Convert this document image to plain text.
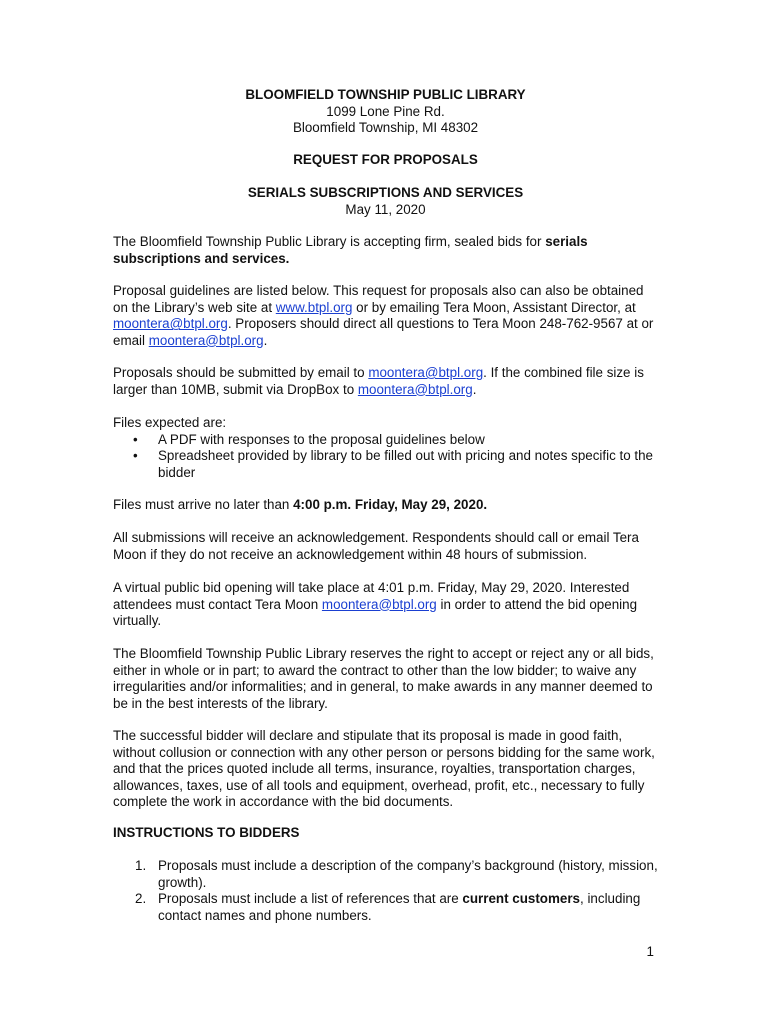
BLOOMFIELD TOWNSHIP PUBLIC LIBRARY

1099 Lone Pine Rd.

Bloomfield Township, MI 48302

REQUEST FOR PROPOSALS

SERIALS SUBSCRIPTIONS AND SERVICES

May 11, 2020

The Bloomfield Township Public Library is accepting firm, sealed bids for serials subscriptions and services.

Proposal guidelines are listed below. This request for proposals also can also be obtained on the Library’s web site at www.btpl.org or by emailing Tera Moon, Assistant Director, at moontera@btpl.org. Proposers should direct all questions to Tera Moon 248-762-9567 at or email moontera@btpl.org.

Proposals should be submitted by email to moontera@btpl.org. If the combined file size is larger than 10MB, submit via DropBox to moontera@btpl.org.

Files expected are:
• A PDF with responses to the proposal guidelines below
• Spreadsheet provided by library to be filled out with pricing and notes specific to the bidder

Files must arrive no later than 4:00 p.m. Friday, May 29, 2020.

All submissions will receive an acknowledgement. Respondents should call or email Tera Moon if they do not receive an acknowledgement within 48 hours of submission.

A virtual public bid opening will take place at 4:01 p.m. Friday, May 29, 2020. Interested attendees must contact Tera Moon moontera@btpl.org in order to attend the bid opening virtually.

The Bloomfield Township Public Library reserves the right to accept or reject any or all bids, either in whole or in part; to award the contract to other than the low bidder; to waive any irregularities and/or informalities; and in general, to make awards in any manner deemed to be in the best interests of the library.

The successful bidder will declare and stipulate that its proposal is made in good faith, without collusion or connection with any other person or persons bidding for the same work, and that the prices quoted include all terms, insurance, royalties, transportation charges, allowances, taxes, use of all tools and equipment, overhead, profit, etc., necessary to fully complete the work in accordance with the bid documents.

INSTRUCTIONS TO BIDDERS

1. Proposals must include a description of the company’s background (history, mission, growth).
2. Proposals must include a list of references that are current customers, including contact names and phone numbers.
1
